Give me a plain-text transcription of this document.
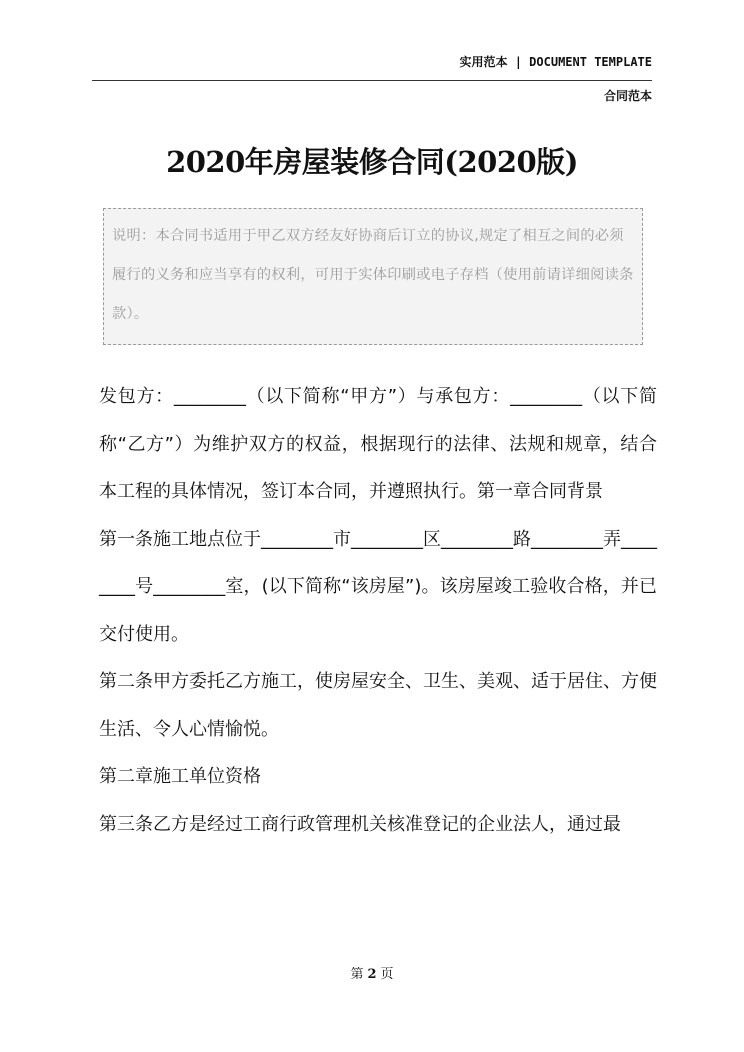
实用范本 | DOCUMENT TEMPLATE
合同范本
2020年房屋装修合同(2020版)
说明：本合同书适用于甲乙双方经友好协商后订立的协议,规定了相互之间的必须履行的义务和应当享有的权利，可用于实体印刷或电子存档（使用前请详细阅读条款）。

发包方：________（以下简称“甲方”）与承包方：________（以下简称“乙方”）为维护双方的权益，根据现行的法律、法规和规章，结合本工程的具体情况，签订本合同，并遵照执行。第一章合同背景

第一条施工地点位于________市________区________路________弄________号________室，(以下简称“该房屋”)。该房屋竣工验收合格，并已交付使用。

第二条甲方委托乙方施工，使房屋安全、卫生、美观、适于居住、方便生活、令人心情愉悦。

第二章施工单位资格

第三条乙方是经过工商行政管理机关核准登记的企业法人，通过最

第 2 页
